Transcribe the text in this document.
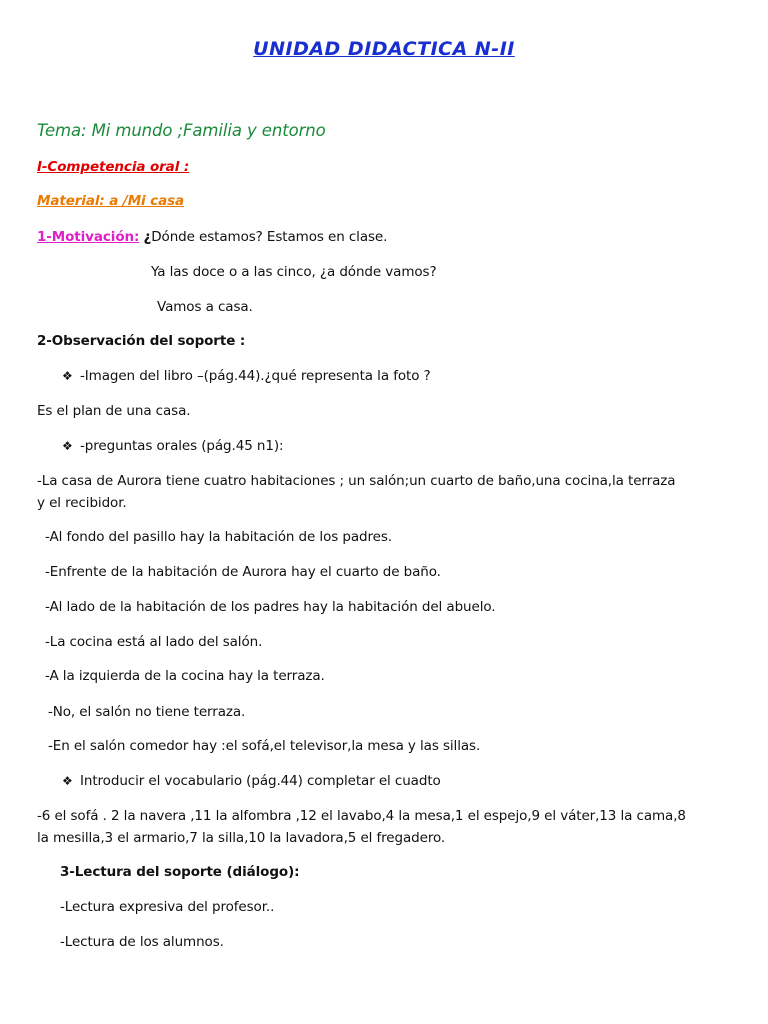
UNIDAD DIDACTICA N-II
Tema: Mi mundo ;Familia y entorno
I-Competencia oral :
Material: a /Mi casa
1-Motivación: ¿Dónde estamos? Estamos en clase.
Ya las doce o a las cinco, ¿a dónde vamos?
Vamos a casa.
2-Observación del soporte :
❖ -Imagen del libro –(pág.44).¿qué representa la foto ?
Es el plan de una casa.
❖ -preguntas orales (pág.45 n1):
-La casa de Aurora tiene cuatro habitaciones ; un salón;un cuarto de baño,una cocina,la terraza
y el recibidor.
-Al fondo del pasillo hay la habitación de los padres.
-Enfrente de la habitación de Aurora hay el cuarto de baño.
-Al lado de la habitación de los padres hay la habitación del abuelo.
-La cocina está al lado del salón.
-A la izquierda de la cocina hay la terraza.
-No, el salón no tiene terraza.
-En el salón comedor hay :el sofá,el televisor,la mesa y las sillas.
❖ Introducir el vocabulario (pág.44) completar el cuadto
-6 el sofá . 2 la navera ,11 la alfombra ,12 el lavabo,4 la mesa,1 el espejo,9 el váter,13 la cama,8
la mesilla,3 el armario,7 la silla,10 la lavadora,5 el fregadero.
3-Lectura del soporte (diálogo):
-Lectura expresiva del profesor..
-Lectura de los alumnos.
